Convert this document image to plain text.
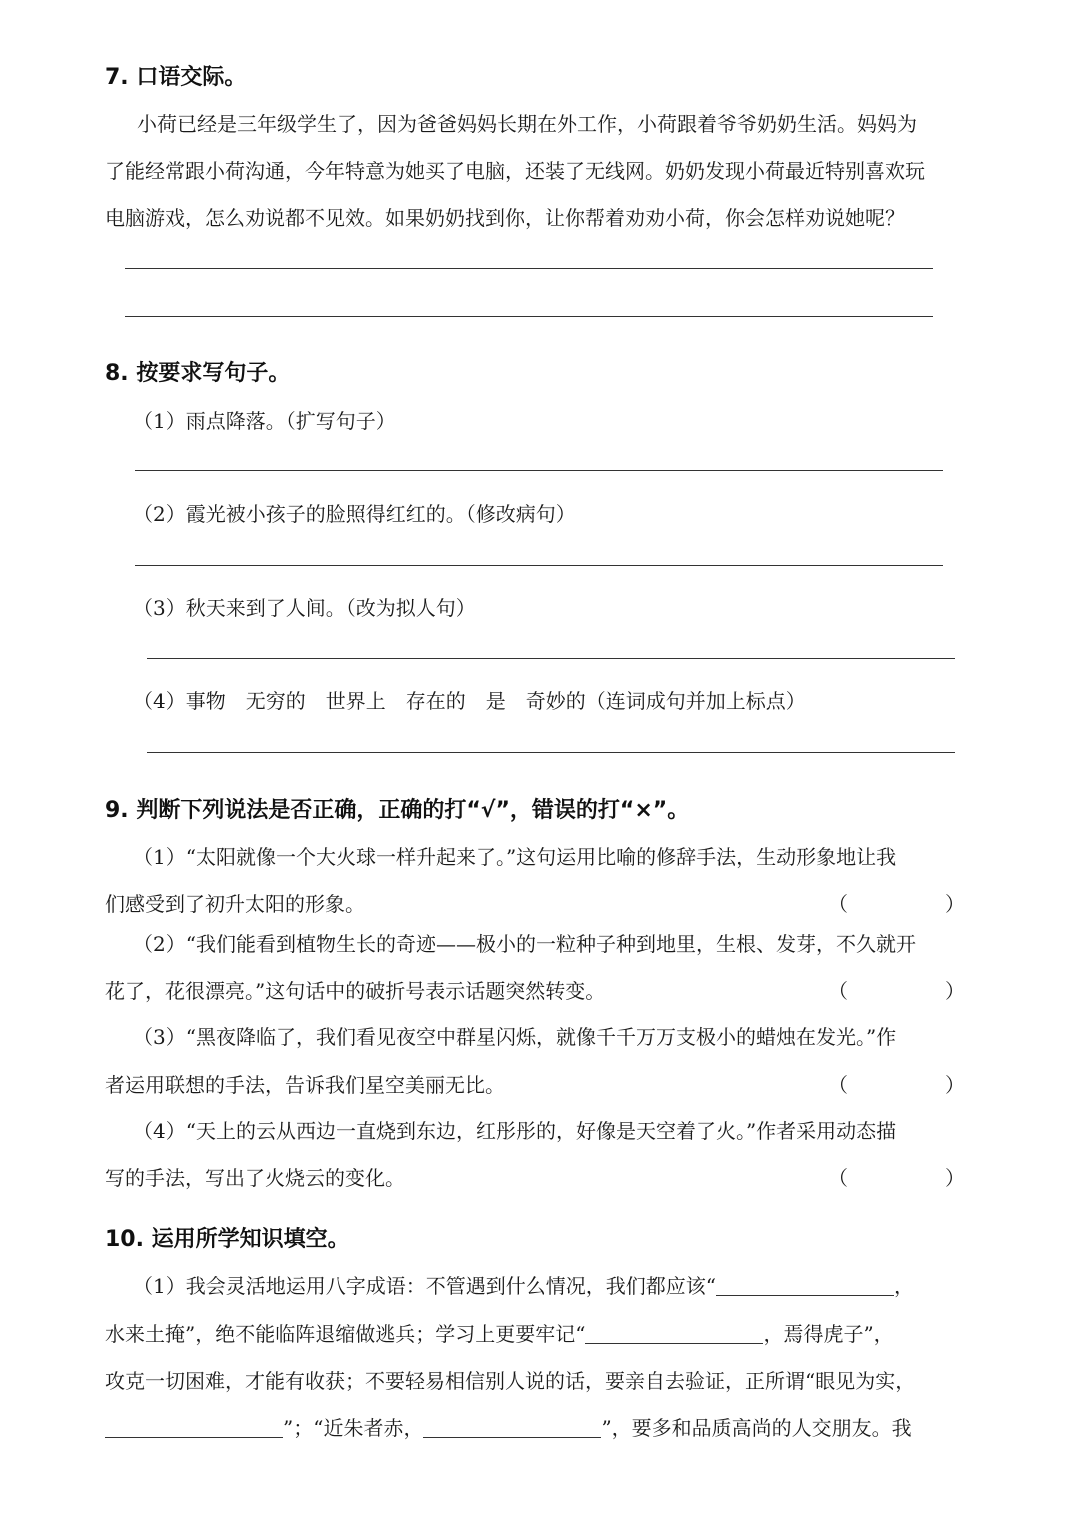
7. 口语交际。
小荷已经是三年级学生了，因为爸爸妈妈长期在外工作，小荷跟着爷爷奶奶生活。妈妈为
了能经常跟小荷沟通，今年特意为她买了电脑，还装了无线网。奶奶发现小荷最近特别喜欢玩
电脑游戏，怎么劝说都不见效。如果奶奶找到你，让你帮着劝劝小荷，你会怎样劝说她呢？
8. 按要求写句子。
（1）雨点降落。（扩写句子）
（2）霞光被小孩子的脸照得红红的。（修改病句）
（3）秋天来到了人间。（改为拟人句）
（4）事物　无穷的　世界上　存在的　是　奇妙的（连词成句并加上标点）
9. 判断下列说法是否正确，正确的打“√”，错误的打“×”。
（1）“太阳就像一个大火球一样升起来了。”这句运用比喻的修辞手法，生动形象地让我
们感受到了初升太阳的形象。	（	）
（2）“我们能看到植物生长的奇迹——极小的一粒种子种到地里，生根、发芽，不久就开
花了，花很漂亮。”这句话中的破折号表示话题突然转变。	（	）
（3）“黑夜降临了，我们看见夜空中群星闪烁，就像千千万万支极小的蜡烛在发光。”作
者运用联想的手法，告诉我们星空美丽无比。	（	）
（4）“天上的云从西边一直烧到东边，红彤彤的，好像是天空着了火。”作者采用动态描
写的手法，写出了火烧云的变化。	（	）
10. 运用所学知识填空。
（1）我会灵活地运用八字成语：不管遇到什么情况，我们都应该“	，
水来土掩”，绝不能临阵退缩做逃兵；学习上更要牢记“	，焉得虎子”，
攻克一切困难，才能有收获；不要轻易相信别人说的话，要亲自去验证，正所谓“眼见为实，
”；“近朱者赤，	”，要多和品质高尚的人交朋友。我
